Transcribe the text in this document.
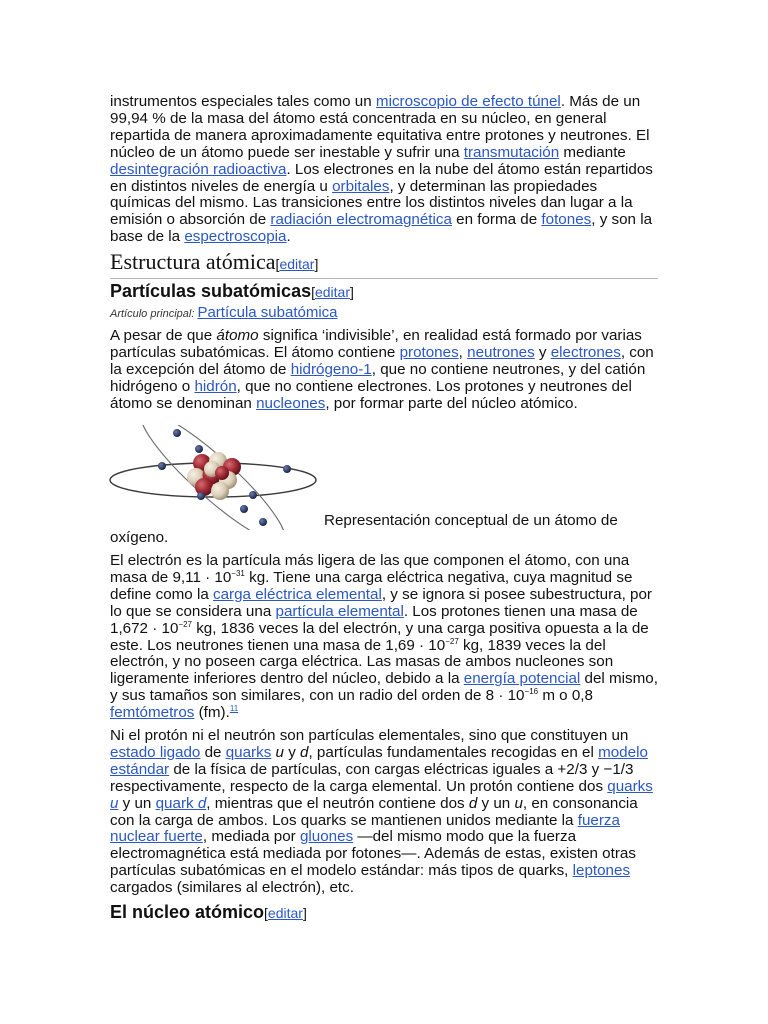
instrumentos especiales tales como un microscopio de efecto túnel. Más de un 99,94 % de la masa del átomo está concentrada en su núcleo, en general repartida de manera aproximadamente equitativa entre protones y neutrones. El núcleo de un átomo puede ser inestable y sufrir una transmutación mediante desintegración radioactiva. Los electrones en la nube del átomo están repartidos en distintos niveles de energía u orbitales, y determinan las propiedades químicas del mismo. Las transiciones entre los distintos niveles dan lugar a la emisión o absorción de radiación electromagnética en forma de fotones, y son la base de la espectroscopia.

Estructura atómica[editar]
Partículas subatómicas[editar]
Artículo principal: Partícula subatómica

A pesar de que átomo significa ‘indivisible’, en realidad está formado por varias partículas subatómicas. El átomo contiene protones, neutrones y electrones, con la excepción del átomo de hidrógeno-1, que no contiene neutrones, y del catión hidrógeno o hidrón, que no contiene electrones. Los protones y neutrones del átomo se denominan nucleones, por formar parte del núcleo atómico.

Representación conceptual de un átomo de
oxígeno.

El electrón es la partícula más ligera de las que componen el átomo, con una masa de $9,11 \cdot 10^{-31}$ kg. Tiene una carga eléctrica negativa, cuya magnitud se define como la carga eléctrica elemental, y se ignora si posee subestructura, por lo que se considera una partícula elemental. Los protones tienen una masa de $1,672 \cdot 10^{-27}$ kg, 1836 veces la del electrón, y una carga positiva opuesta a la de este. Los neutrones tienen una masa de $1,69 \cdot 10^{-27}$ kg, 1839 veces la del electrón, y no poseen carga eléctrica. Las masas de ambos nucleones son ligeramente inferiores dentro del núcleo, debido a la energía potencial del mismo, y sus tamaños son similares, con un radio del orden de $8 \cdot 10^{-16}$ m o 0,8 femtómetros (fm).$^{11}$

Ni el protón ni el neutrón son partículas elementales, sino que constituyen un estado ligado de quarks u y d, partículas fundamentales recogidas en el modelo estándar de la física de partículas, con cargas eléctricas iguales a +2/3 y −1/3 respectivamente, respecto de la carga elemental. Un protón contiene dos quarks u y un quark d, mientras que el neutrón contiene dos d y un u, en consonancia con la carga de ambos. Los quarks se mantienen unidos mediante la fuerza nuclear fuerte, mediada por gluones —del mismo modo que la fuerza electromagnética está mediada por fotones—. Además de estas, existen otras partículas subatómicas en el modelo estándar: más tipos de quarks, leptones cargados (similares al electrón), etc.

El núcleo atómico[editar]
